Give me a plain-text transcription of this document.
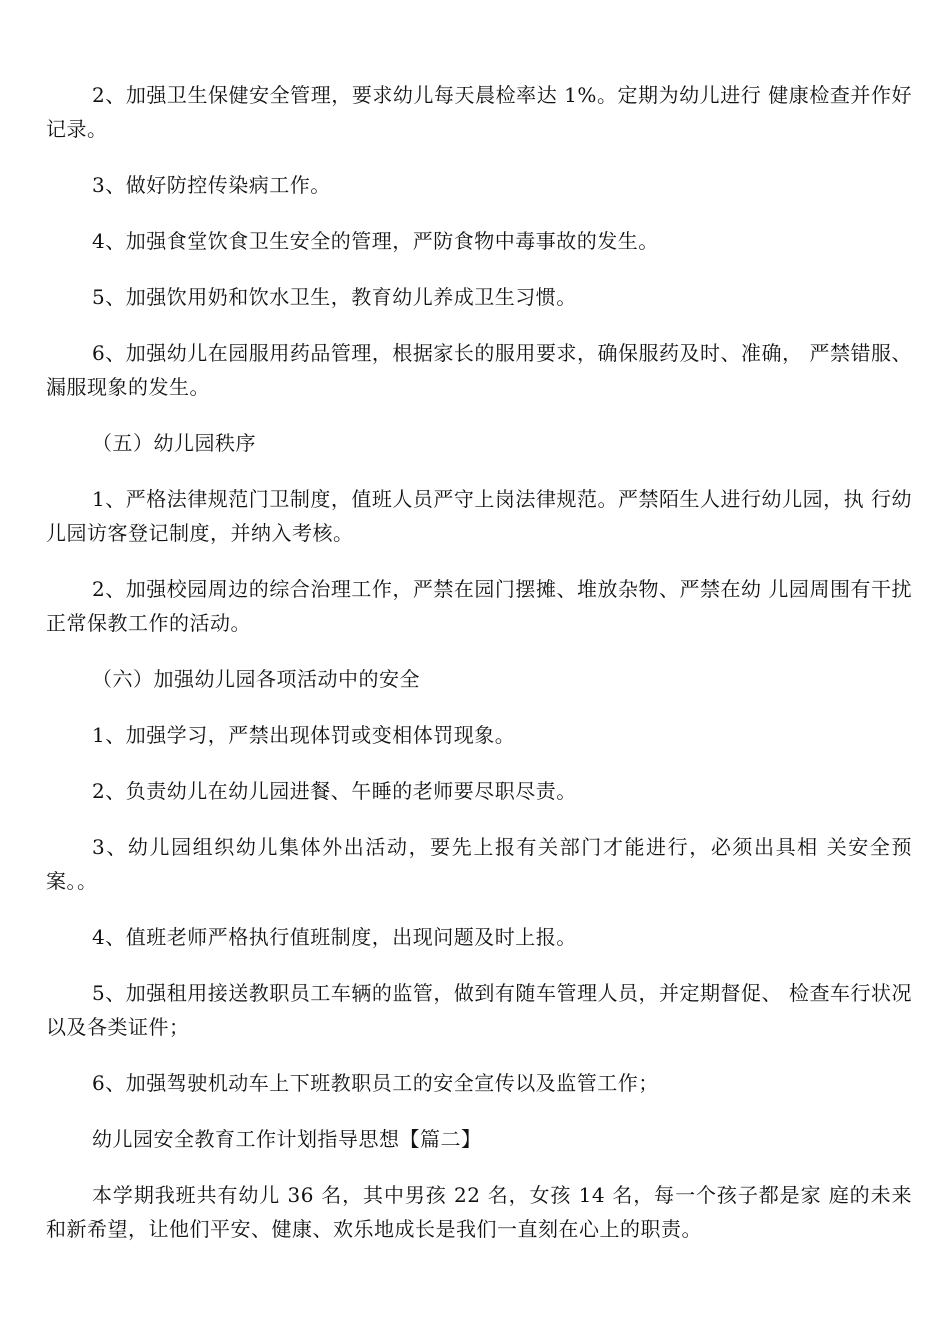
2、加强卫生保健安全管理，要求幼儿每天晨检率达 1%。定期为幼儿进行 健康检查并作好记录。

3、做好防控传染病工作。

4、加强食堂饮食卫生安全的管理，严防食物中毒事故的发生。

5、加强饮用奶和饮水卫生，教育幼儿养成卫生习惯。

6、加强幼儿在园服用药品管理，根据家长的服用要求，确保服药及时、准确， 严禁错服、漏服现象的发生。

（五）幼儿园秩序

1、严格法律规范门卫制度，值班人员严守上岗法律规范。严禁陌生人进行幼儿园，执 行幼儿园访客登记制度，并纳入考核。

2、加强校园周边的综合治理工作，严禁在园门摆摊、堆放杂物、严禁在幼 儿园周围有干扰正常保教工作的活动。

（六）加强幼儿园各项活动中的安全

1、加强学习，严禁出现体罚或变相体罚现象。

2、负责幼儿在幼儿园进餐、午睡的老师要尽职尽责。

3、幼儿园组织幼儿集体外出活动，要先上报有关部门才能进行，必须出具相 关安全预案。。

4、值班老师严格执行值班制度，出现问题及时上报。

5、加强租用接送教职员工车辆的监管，做到有随车管理人员，并定期督促、 检查车行状况以及各类证件；

6、加强驾驶机动车上下班教职员工的安全宣传以及监管工作；

幼儿园安全教育工作计划指导思想【篇二】

本学期我班共有幼儿 36 名，其中男孩 22 名，女孩 14 名，每一个孩子都是家 庭的未来和新希望，让他们平安、健康、欢乐地成长是我们一直刻在心上的职责。
